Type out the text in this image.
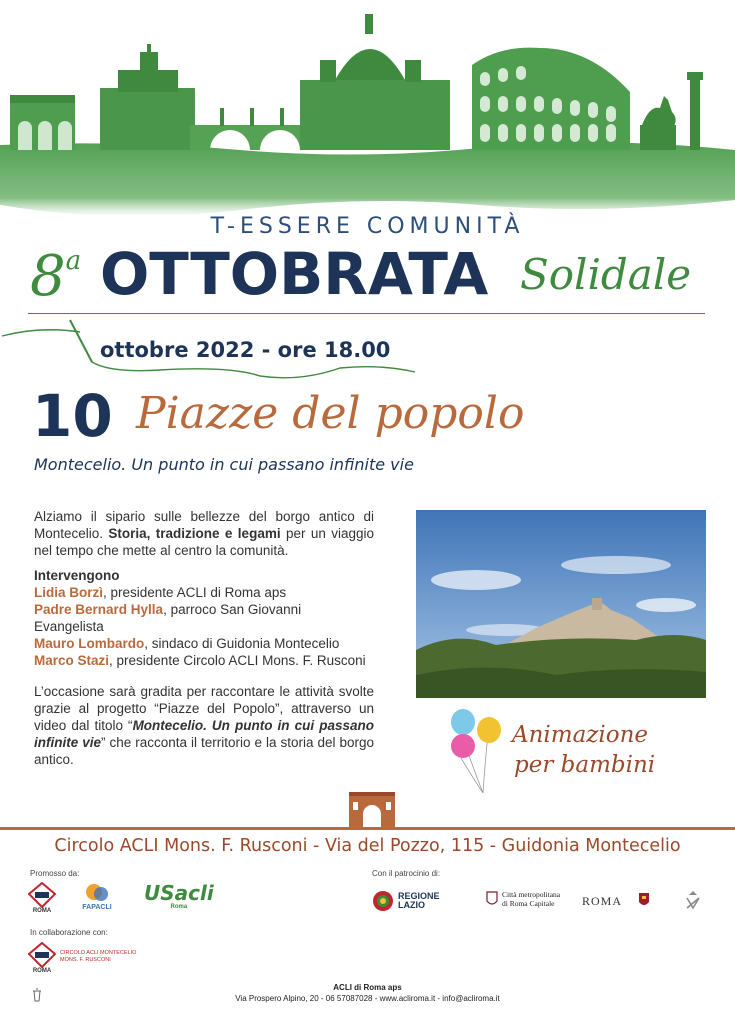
T-ESSERE COMUNITÀ
8$^a$ OTTOBRATA Solidale
ottobre 2022 - ore 18.00
10 Piazze del popolo
Montecelio. Un punto in cui passano infinite vie

Alziamo il sipario sulle bellezze del borgo antico di Montecelio. Storia, tradizione e legami per un viaggio nel tempo che mette al centro la comunità.

Intervengono
Lidia Borzì, presidente ACLI di Roma aps
Padre Bernard Hylla, parroco San Giovanni Evangelista
Mauro Lombardo, sindaco di Guidonia Montecelio
Marco Stazi, presidente Circolo ACLI Mons. F. Rusconi

L’occasione sarà gradita per raccontare le attività svolte grazie al progetto “Piazze del Popolo”, attraverso un video dal titolo “Montecelio. Un punto in cui passano infinite vie” che racconta il territorio e la storia del borgo antico.

Animazione
per bambini
Circolo ACLI Mons. F. Rusconi - Via del Pozzo, 115 - Guidonia Montecelio
Promosso da:
ROMA	FAPACLI
USacli
Roma
Con il patrocinio di:
REGIONE
LAZIO
Città metropolitana
di Roma Capitale	ROMA
In collaborazione con:
ROMA
CIRCOLO ACLI MONTECELIO
MONS. F. RUSCONI
ACLI di Roma aps
Via Prospero Alpino, 20 - 06 57087028 - www.acliroma.it - info@acliroma.it
